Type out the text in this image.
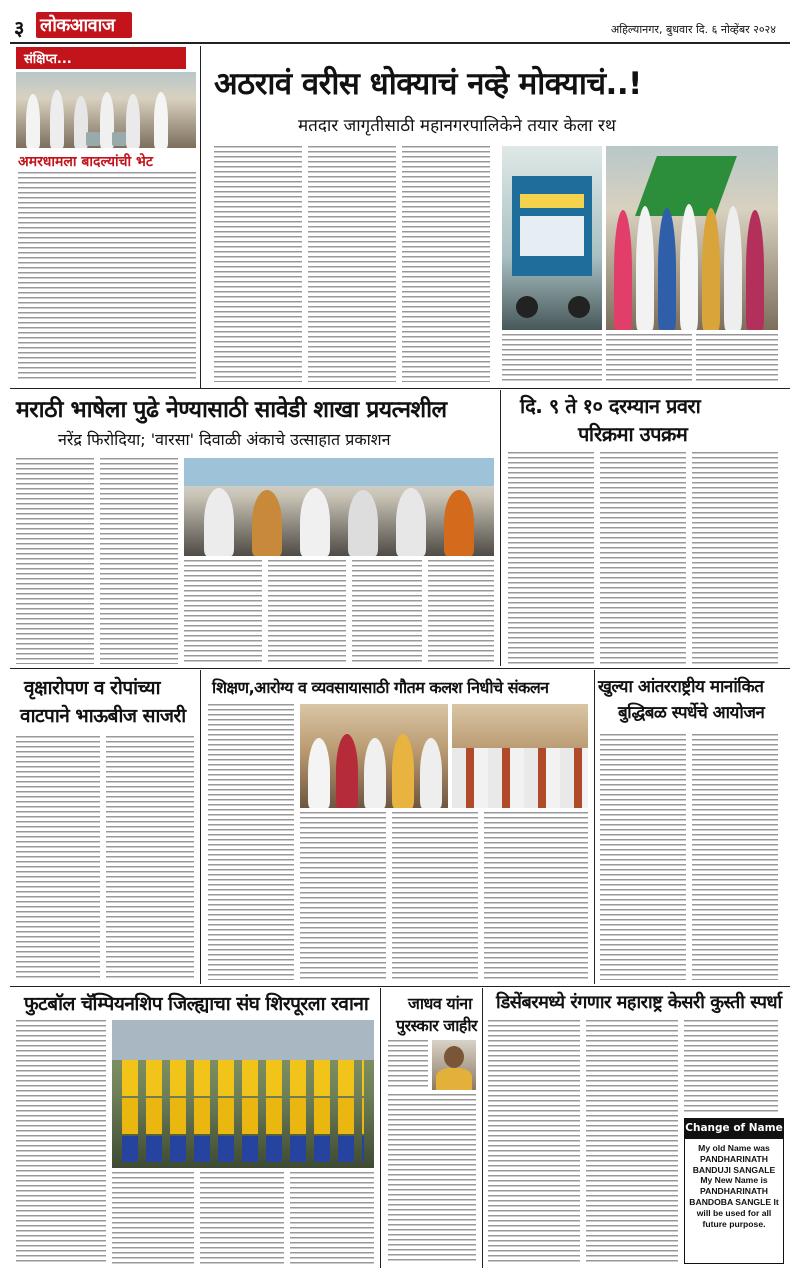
३ लोकआवाज	अहिल्यानगर, बुधवार दि. ६ नोव्हेंबर २०२४
संक्षिप्त...
अमरधामला बादल्यांची भेट
अठरावं वरीस धोक्याचं नव्हे मोक्याचं..!
मतदार जागृतीसाठी महानगरपालिकेने तयार केला रथ
मराठी भाषेला पुढे नेण्यासाठी सावेडी शाखा प्रयत्नशील
नरेंद्र फिरोदिया; 'वारसा' दिवाळी अंकाचे उत्साहात प्रकाशन
दि. ९ ते १० दरम्यान प्रवरा
परिक्रमा उपक्रम
वृक्षारोपण व रोपांच्या
वाटपाने भाऊबीज साजरी
शिक्षण,आरोग्य व व्यवसायासाठी गौतम कलश निधीचे संकलन	खुल्या आंतरराष्ट्रीय मानांकित
बुद्धिबळ स्पर्धेचे आयोजन
फुटबॉल चॅम्पियनशिप जिल्ह्याचा संघ शिरपूरला रवाना जाधव यांना
पुरस्कार जाहीर
डिसेंबरमध्ये रंगणार महाराष्ट्र केसरी कुस्ती स्पर्धा
Change of Name
My old Name was PANDHARINATH BANDUJI SANGALE My New Name is PANDHARINATH BANDOBA SANGLE It will be used for all future purpose.
